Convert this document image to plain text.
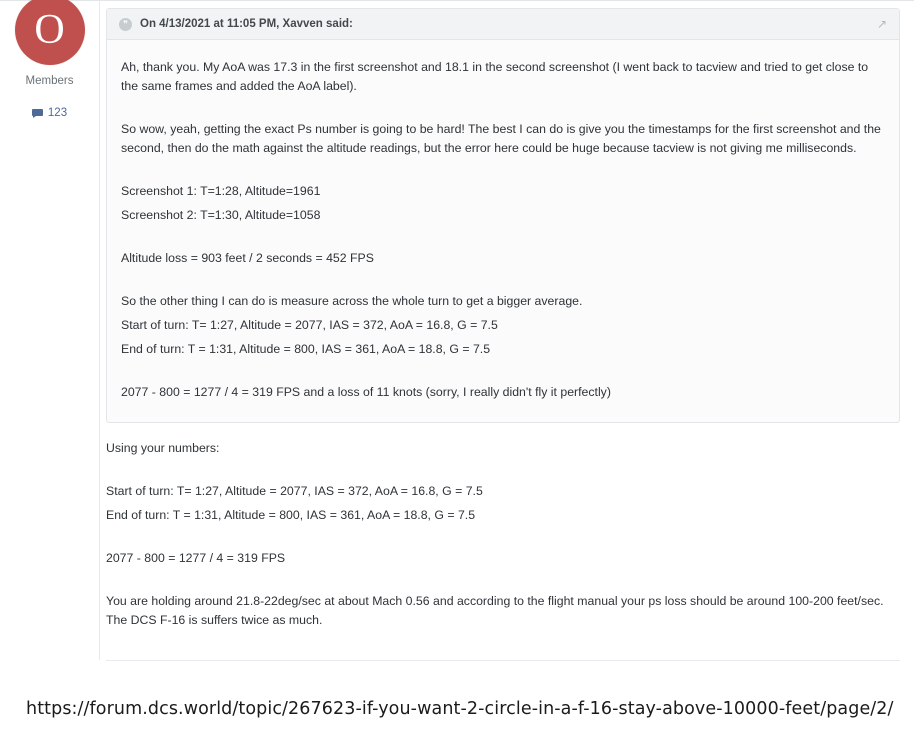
O
Members
123
❞	On 4/13/2021 at 11:05 PM, Xavven said:	↗

Ah, thank you. My AoA was 17.3 in the first screenshot and 18.1 in the second screenshot (I went back to tacview and tried to get close to the same frames and added the AoA label).

So wow, yeah, getting the exact Ps number is going to be hard! The best I can do is give you the timestamps for the first screenshot and the second, then do the math against the altitude readings, but the error here could be huge because tacview is not giving me milliseconds.

Screenshot 1: T=1:28, Altitude=1961

Screenshot 2: T=1:30, Altitude=1058

Altitude loss = 903 feet / 2 seconds = 452 FPS

So the other thing I can do is measure across the whole turn to get a bigger average.

Start of turn: T= 1:27, Altitude = 2077, IAS = 372, AoA = 16.8, G = 7.5

End of turn: T = 1:31, Altitude = 800, IAS = 361, AoA = 18.8, G = 7.5

2077 - 800 = 1277 / 4 = 319 FPS and a loss of 11 knots (sorry, I really didn't fly it perfectly)

Using your numbers:

Start of turn: T= 1:27, Altitude = 2077, IAS = 372, AoA = 16.8, G = 7.5

End of turn: T = 1:31, Altitude = 800, IAS = 361, AoA = 18.8, G = 7.5

2077 - 800 = 1277 / 4 = 319 FPS

You are holding around 21.8-22deg/sec at about Mach 0.56 and according to the flight manual your ps loss should be around 100-200 feet/sec. The DCS F-16 is suffers twice as much.

https://forum.dcs.world/topic/267623-if-you-want-2-circle-in-a-f-16-stay-above-10000-feet/page/2/
